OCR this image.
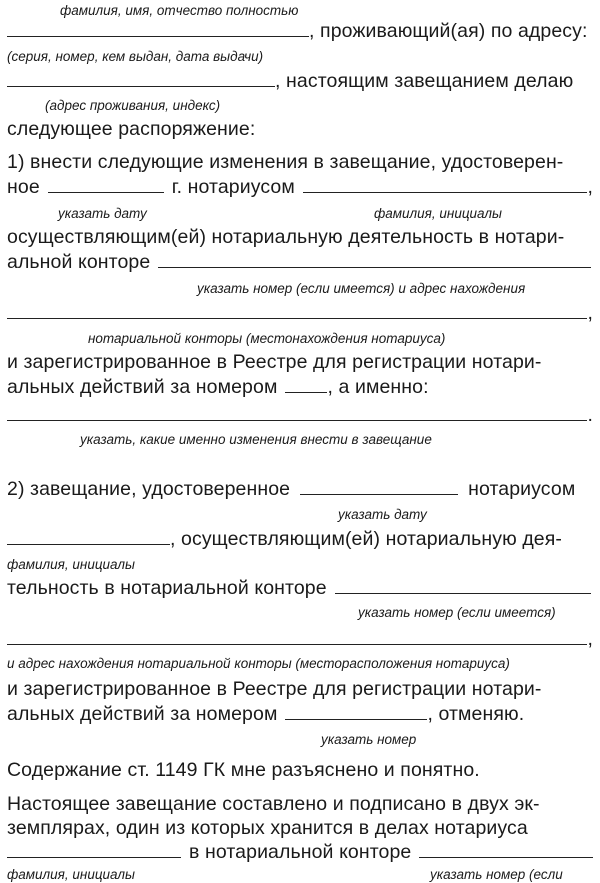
фамилия, имя, отчество полностью
, проживающий(ая) по адресу:
(серия, номер, кем выдан, дата выдачи)
, настоящим завещанием делаю
(адрес проживания, индекс)
следующее распоряжение:
1) внести следующие изменения в завещание, удостоверен-
ное	г. нотариусом	,
указать дату	фамилия, инициалы
осуществляющим(ей) нотариальную деятельность в нотари-
альной конторе
указать номер (если имеется) и адрес нахождения
,
нотариальной конторы (местонахождения нотариуса)
и зарегистрированное в Реестре для регистрации нотари-
альных действий за номером	, а именно:
.
указать, какие именно изменения внести в завещание
2) завещание, удостоверенное	нотариусом
указать дату
, осуществляющим(ей) нотариальную дея-
фамилия, инициалы
тельность в нотариальной конторе
указать номер (если имеется)
,
и адрес нахождения нотариальной конторы (месторасположения нотариуса)
и зарегистрированное в Реестре для регистрации нотари-
альных действий за номером	, отменяю.
указать номер
Содержание ст. 1149 ГК мне разъяснено и понятно.
Настоящее завещание составлено и подписано в двух эк-
земплярах, один из которых хранится в делах нотариуса
в нотариальной конторе
фамилия, инициалы	указать номер (если
